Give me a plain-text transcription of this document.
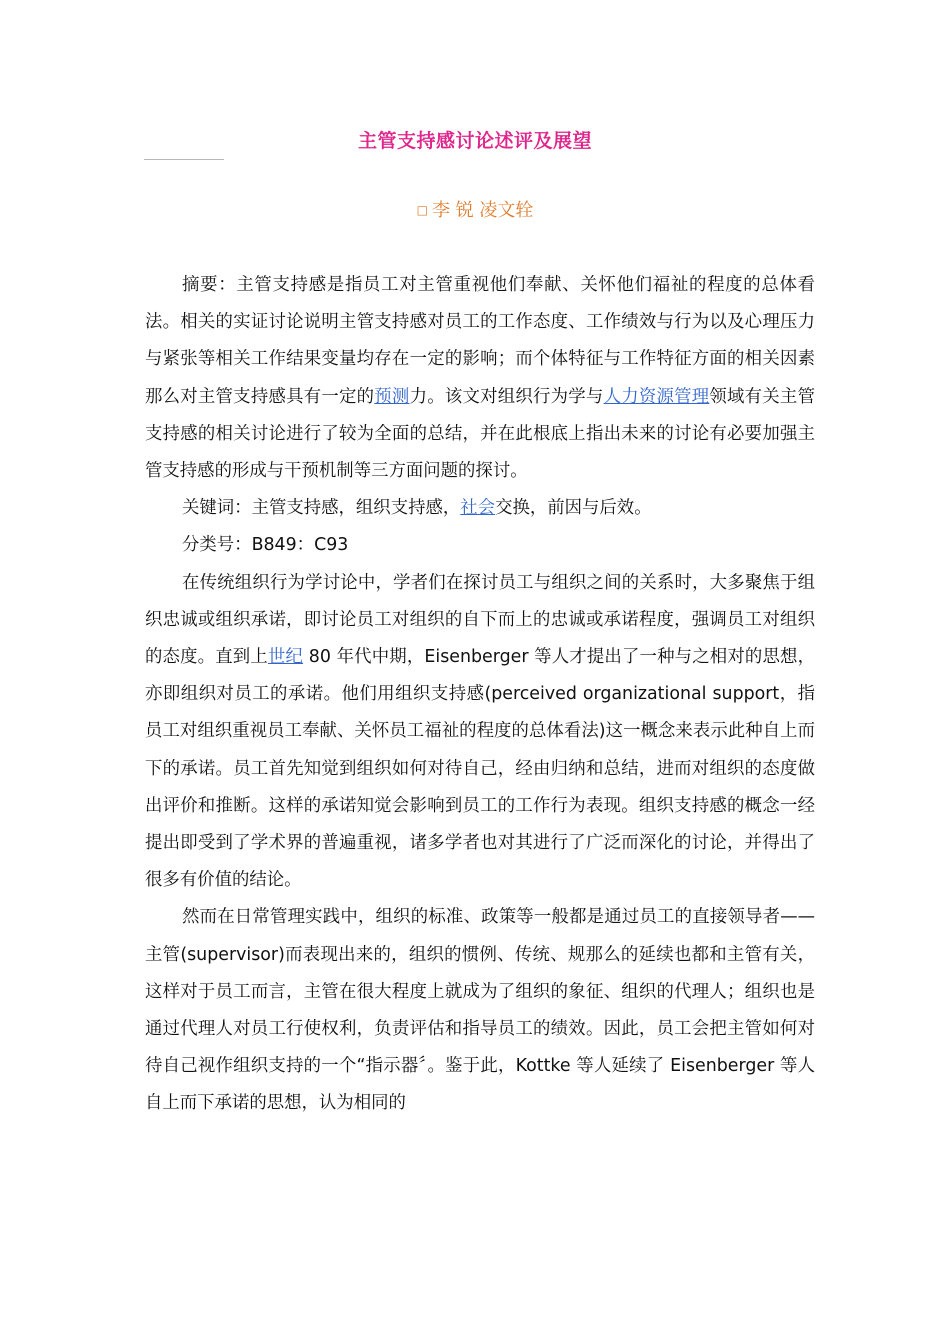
主管支持感讨论述评及展望
□ 李 锐 凌文辁

摘要：主管支持感是指员工对主管重视他们奉献、关怀他们福祉的程度的总体看法。相关的实证讨论说明主管支持感对员工的工作态度、工作绩效与行为以及心理压力与紧张等相关工作结果变量均存在一定的影响；而个体特征与工作特征方面的相关因素那么对主管支持感具有一定的预测力。该文对组织行为学与人力资源管理领域有关主管支持感的相关讨论进行了较为全面的总结，并在此根底上指出未来的讨论有必要加强主管支持感的形成与干预机制等三方面问题的探讨。

关键词：主管支持感，组织支持感，社会交换，前因与后效。

分类号：B849：C93

在传统组织行为学讨论中，学者们在探讨员工与组织之间的关系时，大多聚焦于组织忠诚或组织承诺，即讨论员工对组织的自下而上的忠诚或承诺程度，强调员工对组织的态度。直到上世纪 80 年代中期，Eisenberger 等人才提出了一种与之相对的思想，亦即组织对员工的承诺。他们用组织支持感(perceived organizational support，指员工对组织重视员工奉献、关怀员工福祉的程度的总体看法)这一概念来表示此种自上而下的承诺。员工首先知觉到组织如何对待自己，经由归纳和总结，进而对组织的态度做出评价和推断。这样的承诺知觉会影响到员工的工作行为表现。组织支持感的概念一经提出即受到了学术界的普遍重视，诸多学者也对其进行了广泛而深化的讨论，并得出了很多有价值的结论。

然而在日常管理实践中，组织的标准、政策等一般都是通过员工的直接领导者——主管(supervisor)而表现出来的，组织的惯例、传统、规那么的延续也都和主管有关，这样对于员工而言，主管在很大程度上就成为了组织的象征、组织的代理人；组织也是通过代理人对员工行使权利，负责评估和指导员工的绩效。因此，员工会把主管如何对待自己视作组织支持的一个“指示器〞。鉴于此，Kottke 等人延续了 Eisenberger 等人自上而下承诺的思想，认为相同的
